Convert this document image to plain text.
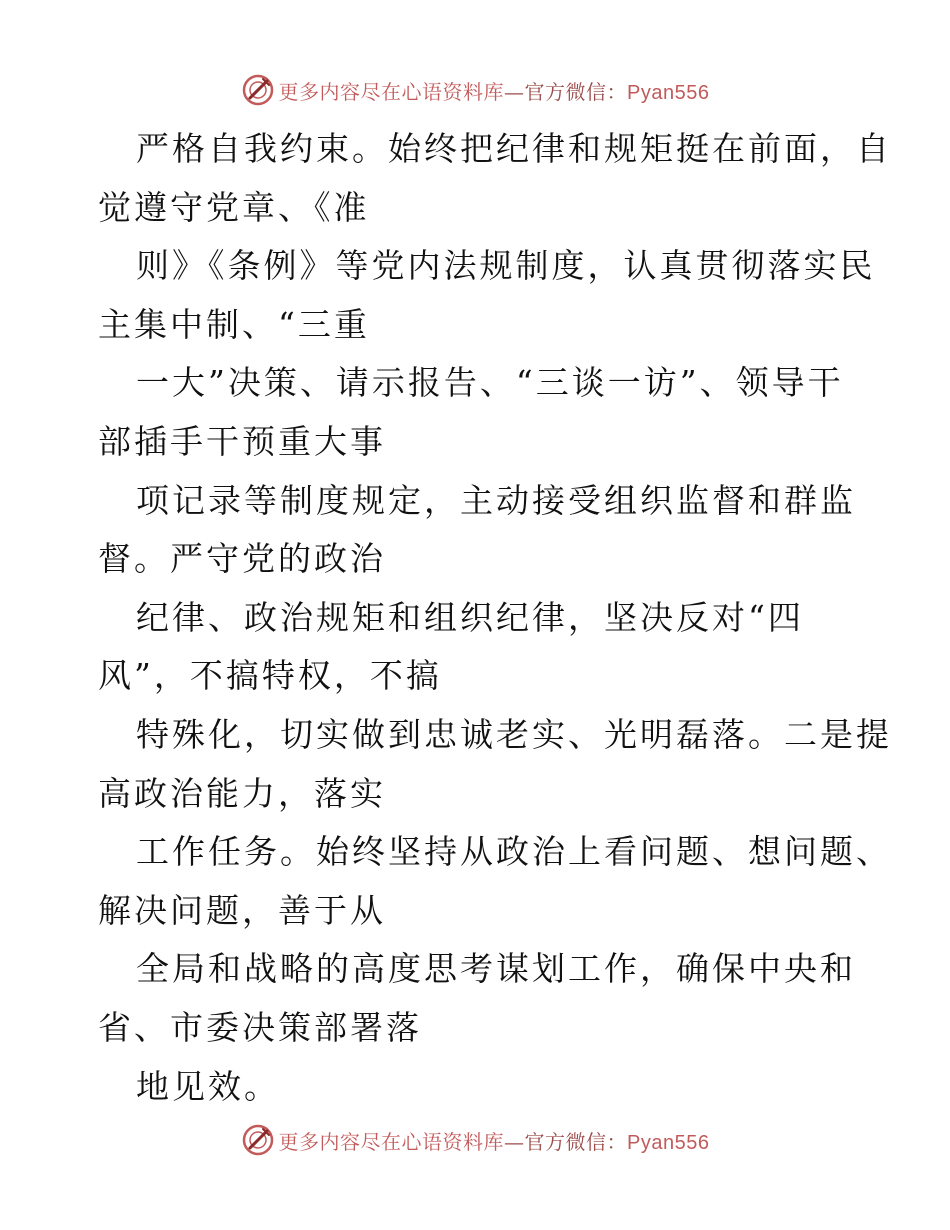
更多内容尽在心语资料库—官方微信：Pyan556
严格自我约束。始终把纪律和规矩挺在前面，自
觉遵守党章、《准
则》《条例》等党内法规制度，认真贯彻落实民
主集中制、“三重
一大”决策、请示报告、“三谈一访”、领导干
部插手干预重大事
项记录等制度规定，主动接受组织监督和群监
督。严守党的政治
纪律、政治规矩和组织纪律，坚决反对“四
风”，不搞特权，不搞
特殊化，切实做到忠诚老实、光明磊落。二是提
高政治能力，落实
工作任务。始终坚持从政治上看问题、想问题、
解决问题，善于从
全局和战略的高度思考谋划工作，确保中央和
省、市委决策部署落
地见效。
更多内容尽在心语资料库—官方微信：Pyan556
